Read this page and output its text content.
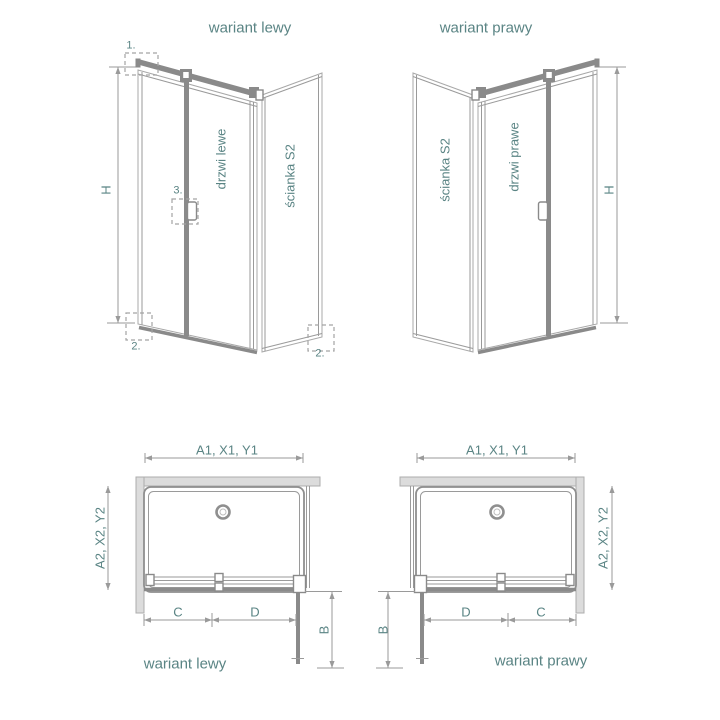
wariant lewy
H
drzwi lewe	ścianka S2
1.
3.
2.
2.
wariant prawy
ścianka S2	drzwi prawe	H
A1, X1, Y1
A2, X2, Y2
C	D
B
wariant lewy
A1, X1, Y1
A2, X2, Y2
D	C
B
wariant prawy
